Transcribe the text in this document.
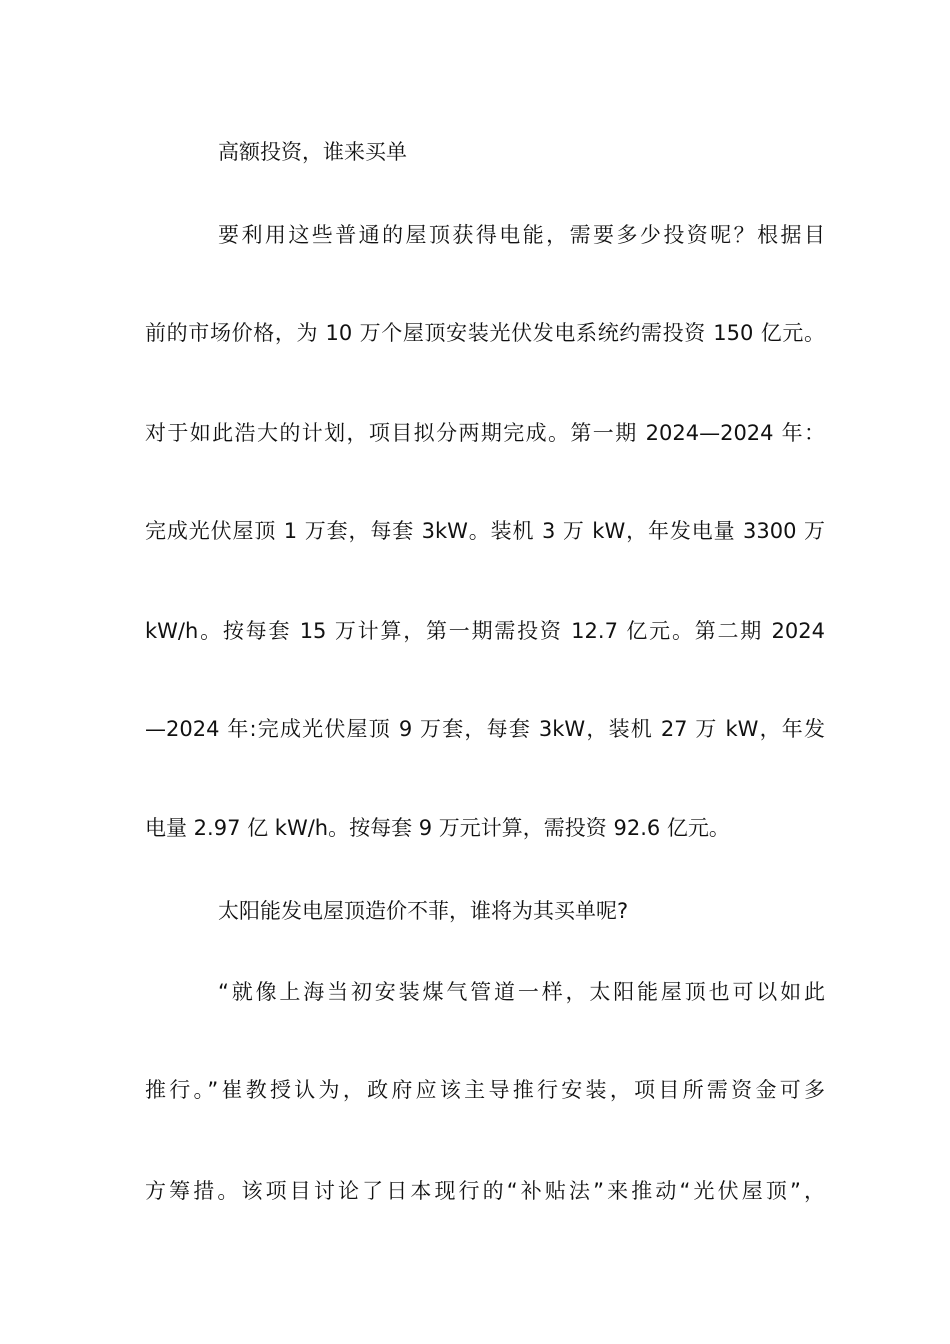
高额投资，谁来买单
要利用这些普通的屋顶获得电能，需要多少投资呢？根据目
前的市场价格，为 10 万个屋顶安装光伏发电系统约需投资 150 亿元。
对于如此浩大的计划，项目拟分两期完成。第一期 2024—2024 年：
完成光伏屋顶 1 万套，每套 3kW。装机 3 万 kW，年发电量 3300 万
kW/h。按每套 15 万计算，第一期需投资 12.7 亿元。第二期 2024
—2024 年:完成光伏屋顶 9 万套，每套 3kW，装机 27 万 kW，年发
电量 2.97 亿 kW/h。按每套 9 万元计算，需投资 92.6 亿元。
太阳能发电屋顶造价不菲，谁将为其买单呢?
“就像上海当初安装煤气管道一样，太阳能屋顶也可以如此
推行。”崔教授认为，政府应该主导推行安装，项目所需资金可多
方筹措。该项目讨论了日本现行的“补贴法”来推动“光伏屋顶”，
